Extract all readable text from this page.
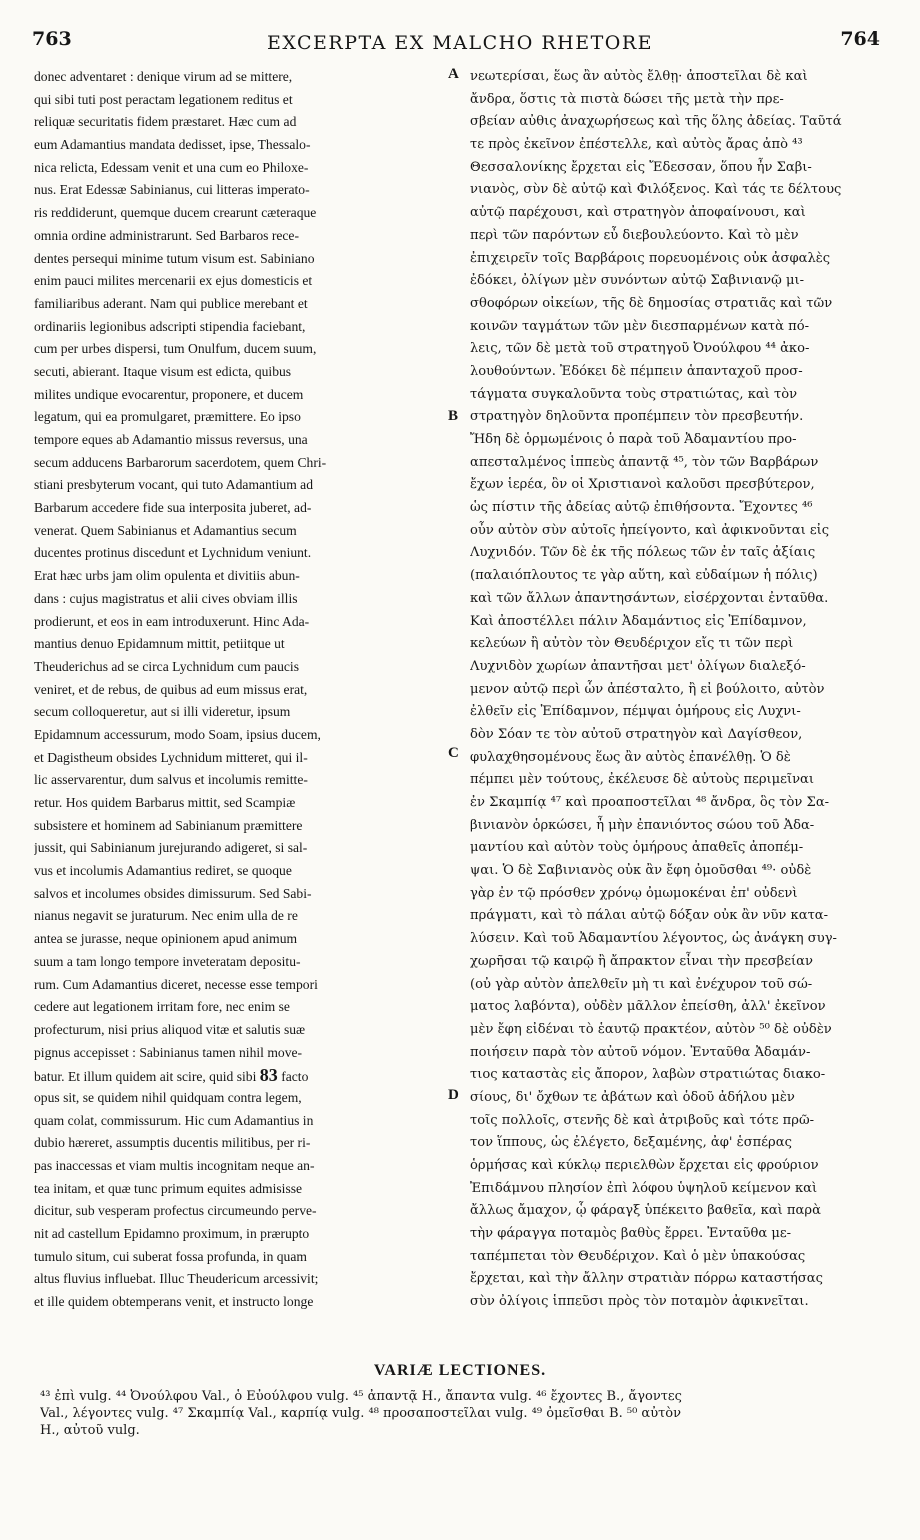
763	EXCERPTA EX MALCHO RHETORE	764
donec adventaret : denique virum ad se mittere,
qui sibi tuti post peractam legationem reditus et
reliquæ securitatis fidem præstaret. Hæc cum ad
eum Adamantius mandata dedisset, ipse, Thessalo-
nica relicta, Edessam venit et una cum eo Philoxe-
nus. Erat Edessæ Sabinianus, cui litteras imperato-
ris reddiderunt, quemque ducem crearunt cæteraque
omnia ordine administrarunt. Sed Barbaros rece-
dentes persequi minime tutum visum est. Sabiniano
enim pauci milites mercenarii ex ejus domesticis et
familiaribus aderant. Nam qui publice merebant et
ordinariis legionibus adscripti stipendia faciebant,
cum per urbes dispersi, tum Onulfum, ducem suum,
secuti, abierant. Itaque visum est edicta, quibus
milites undique evocarentur, proponere, et ducem
legatum, qui ea promulgaret, præmittere. Eo ipso
tempore eques ab Adamantio missus reversus, una
secum adducens Barbarorum sacerdotem, quem Chri-
stiani presbyterum vocant, qui tuto Adamantium ad
Barbarum accedere fide sua interposita juberet, ad-
venerat. Quem Sabinianus et Adamantius secum
ducentes protinus discedunt et Lychnidum veniunt.
Erat hæc urbs jam olim opulenta et divitiis abun-
dans : cujus magistratus et alii cives obviam illis
prodierunt, et eos in eam introduxerunt. Hinc Ada-
mantius denuo Epidamnum mittit, petiitque ut
Theuderichus ad se circa Lychnidum cum paucis
veniret, et de rebus, de quibus ad eum missus erat,
secum colloqueretur, aut si illi videretur, ipsum
Epidamnum accessurum, modo Soam, ipsius ducem,
et Dagistheum obsides Lychnidum mitteret, qui il-
lic asservarentur, dum salvus et incolumis remitte-
retur. Hos quidem Barbarus mittit, sed Scampiæ
subsistere et hominem ad Sabinianum præmittere
jussit, qui Sabinianum jurejurando adigeret, si sal-
vus et incolumis Adamantius rediret, se quoque
salvos et incolumes obsides dimissurum. Sed Sabi-
nianus negavit se juraturum. Nec enim ulla de re
antea se jurasse, neque opinionem apud animum
suum a tam longo tempore inveteratam depositu-
rum. Cum Adamantius diceret, necesse esse tempori
cedere aut legationem irritam fore, nec enim se
profecturum, nisi prius aliquod vitæ et salutis suæ
pignus accepisset : Sabinianus tamen nihil move-
batur. Et illum quidem ait scire, quid sibi 83 facto
opus sit, se quidem nihil quidquam contra legem,
quam colat, commissurum. Hic cum Adamantius in
dubio hæreret, assumptis ducentis militibus, per ri-
pas inaccessas et viam multis incognitam neque an-
tea initam, et quæ tunc primum equites admisisse
dicitur, sub vesperam profectus circumeundo perve-
nit ad castellum Epidamno proximum, in prærupto
tumulo situm, cui suberat fossa profunda, in quam
altus fluvius influebat. Illuc Theudericum arcessivit;
et ille quidem obtemperans venit, et instructo longe
A
B
C
D
νεωτερίσαι, ἕως ἂν αὐτὸς ἔλθῃ· ἀποστεῖλαι δὲ καὶ
ἄνδρα, ὅστις τὰ πιστὰ δώσει τῆς μετὰ τὴν πρε-
σβείαν αὐθις ἀναχωρήσεως καὶ τῆς ὅλης ἀδείας. Ταῦτά
τε πρὸς ἐκεῖνον ἐπέστελλε, καὶ αὐτὸς ἄρας ἀπὸ ⁴³
Θεσσαλονίκης ἔρχεται εἰς Ἔδεσσαν, ὅπου ἦν Σαβι-
νιανὸς, σὺν δὲ αὐτῷ καὶ Φιλόξενος. Καὶ τάς τε δέλτους
αὐτῷ παρέχουσι, καὶ στρατηγὸν ἀποφαίνουσι, καὶ
περὶ τῶν παρόντων εὖ διεβουλεύοντο. Καὶ τὸ μὲν
ἐπιχειρεῖν τοῖς Βαρβάροις πορευομένοις οὐκ ἀσφαλὲς
ἐδόκει, ὀλίγων μὲν συνόντων αὐτῷ Σαβινιανῷ μι-
σθοφόρων οἰκείων, τῆς δὲ δημοσίας στρατιᾶς καὶ τῶν
κοινῶν ταγμάτων τῶν μὲν διεσπαρμένων κατὰ πό-
λεις, τῶν δὲ μετὰ τοῦ στρατηγοῦ Ὀνούλφου ⁴⁴ ἀκο-
λουθούντων. Ἐδόκει δὲ πέμπειν ἁπανταχοῦ προσ-
τάγματα συγκαλοῦντα τοὺς στρατιώτας, καὶ τὸν
στρατηγὸν δηλοῦντα προπέμπειν τὸν πρεσβευτήν.
Ἤδη δὲ ὁρμωμένοις ὁ παρὰ τοῦ Ἀδαμαντίου προ-
απεσταλμένος ἱππεὺς ἀπαντᾷ ⁴⁵, τὸν τῶν Βαρβάρων
ἔχων ἱερέα, ὃν οἱ Χριστιανοὶ καλοῦσι πρεσβύτερον,
ὡς πίστιν τῆς ἀδείας αὐτῷ ἐπιθήσοντα. Ἔχοντες ⁴⁶
οὖν αὐτὸν σὺν αὐτοῖς ἠπείγοντο, καὶ ἀφικνοῦνται εἰς
Λυχνιδόν. Τῶν δὲ ἐκ τῆς πόλεως τῶν ἐν ταῖς ἀξίαις
(παλαιόπλουτος τε γὰρ αὕτη, καὶ εὐδαίμων ἡ πόλις)
καὶ τῶν ἄλλων ἀπαντησάντων, εἰσέρχονται ἐνταῦθα.
Καὶ ἀποστέλλει πάλιν Ἀδαμάντιος εἰς Ἐπίδαμνον,
κελεύων ἢ αὐτὸν τὸν Θευδέριχον εἴς τι τῶν περὶ
Λυχνιδὸν χωρίων ἀπαντῆσαι μετ' ὀλίγων διαλεξό-
μενον αὐτῷ περὶ ὧν ἀπέσταλτο, ἢ εἰ βούλοιτο, αὐτὸν
ἐλθεῖν εἰς Ἐπίδαμνον, πέμψαι ὁμήρους εἰς Λυχνι-
δὸν Σόαν τε τὸν αὐτοῦ στρατηγὸν καὶ Δαγίσθεον,
φυλαχθησομένους ἕως ἂν αὐτὸς ἐπανέλθῃ. Ὁ δὲ
πέμπει μὲν τούτους, ἐκέλευσε δὲ αὐτοὺς περιμεῖναι
ἐν Σκαμπίᾳ ⁴⁷ καὶ προαποστεῖλαι ⁴⁸ ἄνδρα, ὃς τὸν Σα-
βινιανὸν ὁρκώσει, ἦ μὴν ἐπανιόντος σώου τοῦ Ἀδα-
μαντίου καὶ αὐτὸν τοὺς ὁμήρους ἀπαθεῖς ἀποπέμ-
ψαι. Ὁ δὲ Σαβινιανὸς οὐκ ἂν ἔφη ὀμοῦσθαι ⁴⁹· οὐδὲ
γὰρ ἐν τῷ πρόσθεν χρόνῳ ὀμωμοκέναι ἐπ' οὐδενὶ
πράγματι, καὶ τὸ πάλαι αὐτῷ δόξαν οὐκ ἂν νῦν κατα-
λύσειν. Καὶ τοῦ Ἀδαμαντίου λέγοντος, ὡς ἀνάγκη συγ-
χωρῆσαι τῷ καιρῷ ἢ ἄπρακτον εἶναι τὴν πρεσβείαν
(οὐ γὰρ αὐτὸν ἀπελθεῖν μὴ τι καὶ ἐνέχυρον τοῦ σώ-
ματος λαβόντα), οὐδὲν μᾶλλον ἐπείσθη, ἀλλ' ἐκεῖνον
μὲν ἔφη εἰδέναι τὸ ἑαυτῷ πρακτέον, αὐτὸν ⁵⁰ δὲ οὐδὲν
ποιήσειν παρὰ τὸν αὐτοῦ νόμον. Ἐνταῦθα Ἀδαμάν-
τιος καταστὰς εἰς ἄπορον, λαβὼν στρατιώτας διακο-
σίους, δι' ὄχθων τε ἀβάτων καὶ ὁδοῦ ἀδήλου μὲν
τοῖς πολλοῖς, στενῆς δὲ καὶ ἀτριβοῦς καὶ τότε πρῶ-
τον ἵππους, ὡς ἐλέγετο, δεξαμένης, ἀφ' ἑσπέρας
ὁρμήσας καὶ κύκλῳ περιελθὼν ἔρχεται εἰς φρούριον
Ἐπιδάμνου πλησίον ἐπὶ λόφου ὑψηλοῦ κείμενον καὶ
ἄλλως ἄμαχον, ᾧ φάραγξ ὑπέκειτο βαθεῖα, καὶ παρὰ
τὴν φάραγγα ποταμὸς βαθὺς ἔρρει. Ἐνταῦθα με-
ταπέμπεται τὸν Θευδέριχον. Καὶ ὁ μὲν ὑπακούσας
ἔρχεται, καὶ τὴν ἄλλην στρατιὰν πόρρω καταστήσας
σὺν ὀλίγοις ἱππεῦσι πρὸς τὸν ποταμὸν ἀφικνεῖται.
VARIÆ LECTIONES.
⁴³ ἐπὶ vulg. ⁴⁴ Ὀνούλφου Val., ὁ Εὐούλφου vulg. ⁴⁵ ἀπαντᾷ H., ἄπαντα vulg. ⁴⁶ ἔχοντες B., ἄγοντες
Val., λέγοντες vulg. ⁴⁷ Σκαμπίᾳ Val., καρπίᾳ vulg. ⁴⁸ προσαποστεῖλαι vulg. ⁴⁹ ὀμεῖσθαι B. ⁵⁰ αὐτὸν
H., αὐτοῦ vulg.
